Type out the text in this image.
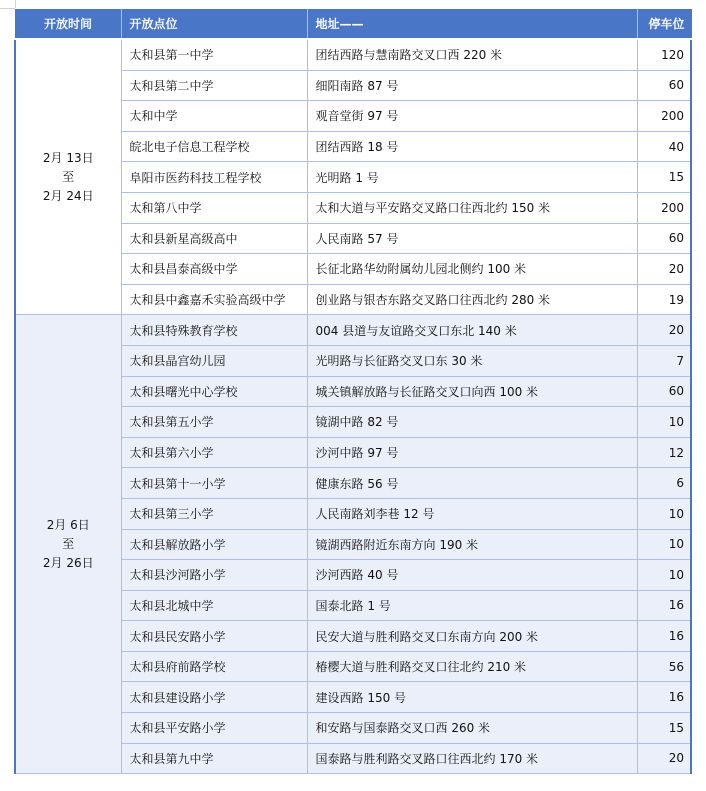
开放时间	开放点位	地址——	停车位

2月 13日
至
2月 24日	太和县第一中学	团结西路与慧南路交叉口西 220 米	120
	太和县第二中学	细阳南路 87 号	60
	太和中学	观音堂街 97 号	200
	皖北电子信息工程学校	团结西路 18 号	40
	阜阳市医药科技工程学校	光明路 1 号	15
	太和第八中学	太和大道与平安路交叉路口往西北约 150 米	200
	太和县新星高级高中	人民南路 57 号	60
	太和县昌泰高级中学	长征北路华幼附属幼儿园北侧约 100 米	20
	太和县中鑫嘉禾实验高级中学	创业路与银杏东路交叉路口往西北约 280 米	19

2月 6日
至
2月 26日	太和县特殊教育学校	004 县道与友谊路交叉口东北 140 米	20
	太和县晶宫幼儿园	光明路与长征路交叉口东 30 米	7
	太和县曙光中心学校	城关镇解放路与长征路交叉口向西 100 米	60
	太和县第五小学	镜湖中路 82 号	10
	太和县第六小学	沙河中路 97 号	12
	太和县第十一小学	健康东路 56 号	6
	太和县第三小学	人民南路刘李巷 12 号	10
	太和县解放路小学	镜湖西路附近东南方向 190 米	10
	太和县沙河路小学	沙河西路 40 号	10
	太和县北城中学	国泰北路 1 号	16
	太和县民安路小学	民安大道与胜利路交叉口东南方向 200 米	16
	太和县府前路学校	椿樱大道与胜利路交叉口往北约 210 米	56
	太和县建设路小学	建设西路 150 号	16
	太和县平安路小学	和安路与国泰路交叉口西 260 米	15
	太和县第九中学	国泰路与胜利路交叉路口往西北约 170 米	20
